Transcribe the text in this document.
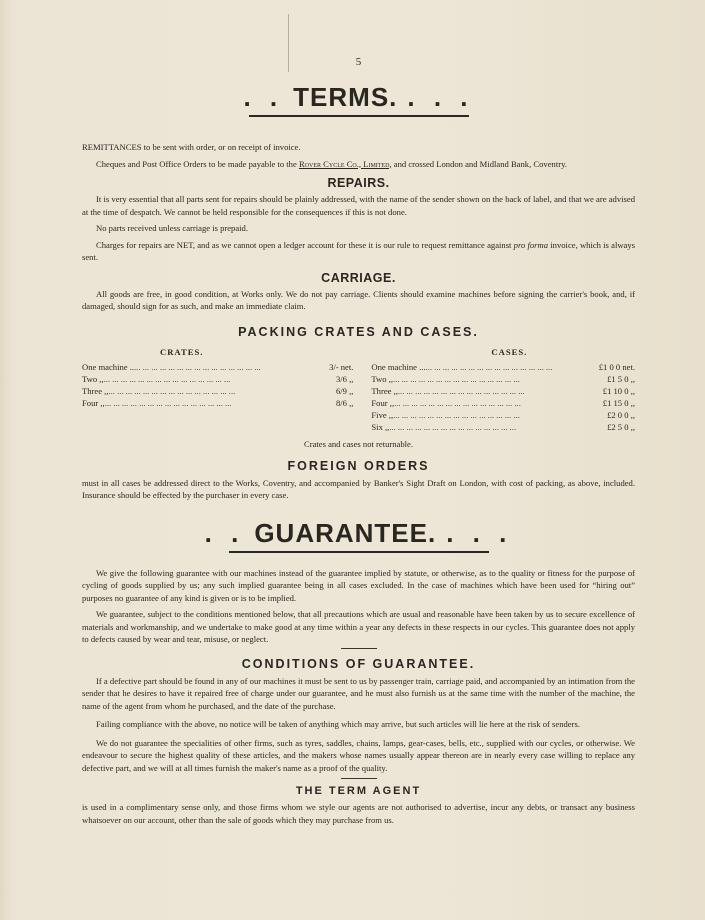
5
. . TERMS. . . .

REMITTANCES to be sent with order, or on receipt of invoice.

Cheques and Post Office Orders to be made payable to the Rover Cycle Co., Limited, and crossed London and Midland Bank, Coventry.

REPAIRS.

It is very essential that all parts sent for repairs should be plainly addressed, with the name of the sender shown on the back of label, and that we are advised at the time of despatch. We cannot be held responsible for the consequences if this is not done.

No parts received unless carriage is prepaid.

Charges for repairs are NET, and as we cannot open a ledger account for these it is our rule to request remittance against pro forma invoice, which is always sent.

CARRIAGE.

All goods are free, in good condition, at Works only. We do not pay carriage. Clients should examine machines before signing the carrier's book, and, if damaged, should sign for as such, and make an immediate claim.

PACKING CRATES AND CASES.
CRATES.
One machine .. ... ... ... ... ... ... ... ... ... ... ... ... ... ... ...	3/- net.
Two ,, ... ... ... ... ... ... ... ... ... ... ... ... ... ... ...	3/6 ,,
Three ,, ... ... ... ... ... ... ... ... ... ... ... ... ... ... ...	6/9 ,,
Four ,, ... ... ... ... ... ... ... ... ... ... ... ... ... ... ...	8/6 ,,
CASES.
One machine ... ... ... ... ... ... ... ... ... ... ... ... ... ... ... ...	£1 0 0 net.
Two ,, ... ... ... ... ... ... ... ... ... ... ... ... ... ... ...	£1 5 0 ,,
Three ,, ... ... ... ... ... ... ... ... ... ... ... ... ... ... ...	£1 10 0 ,,
Four ,, ... ... ... ... ... ... ... ... ... ... ... ... ... ... ...	£1 15 0 ,,
Five ,, ... ... ... ... ... ... ... ... ... ... ... ... ... ... ...	£2 0 0 ,,
Six ,, ... ... ... ... ... ... ... ... ... ... ... ... ... ... ...	£2 5 0 ,,
Crates and cases not returnable.
FOREIGN ORDERS

must in all cases be addressed direct to the Works, Coventry, and accompanied by Banker's Sight Draft on London, with cost of packing, as above, included. Insurance should be effected by the purchaser in every case.

. . GUARANTEE. . . .

We give the following guarantee with our machines instead of the guarantee implied by statute, or otherwise, as to the quality or fitness for the purpose of cycling of goods supplied by us; any such implied guarantee being in all cases excluded. In the case of machines which have been used for “hiring out” purposes no guarantee of any kind is given or is to be implied.

We guarantee, subject to the conditions mentioned below, that all precautions which are usual and reasonable have been taken by us to secure excellence of materials and workmanship, and we undertake to make good at any time within a year any defects in these respects in our cycles. This guarantee does not apply to defects caused by wear and tear, misuse, or neglect.

CONDITIONS OF GUARANTEE.

If a defective part should be found in any of our machines it must be sent to us by passenger train, carriage paid, and accompanied by an intimation from the sender that he desires to have it repaired free of charge under our guarantee, and he must also furnish us at the same time with the number of the machine, the name of the agent from whom he purchased, and the date of the purchase.

Failing compliance with the above, no notice will be taken of anything which may arrive, but such articles will lie here at the risk of senders.

We do not guarantee the specialities of other firms, such as tyres, saddles, chains, lamps, gear-cases, bells, etc., supplied with our cycles, or otherwise. We endeavour to secure the highest quality of these articles, and the makers whose names usually appear thereon are in nearly every case willing to replace any defective part, and we will at all times furnish the maker's name as a proof of the quality.

THE TERM AGENT

is used in a complimentary sense only, and those firms whom we style our agents are not authorised to advertise, incur any debts, or transact any business whatsoever on our account, other than the sale of goods which they may purchase from us.
